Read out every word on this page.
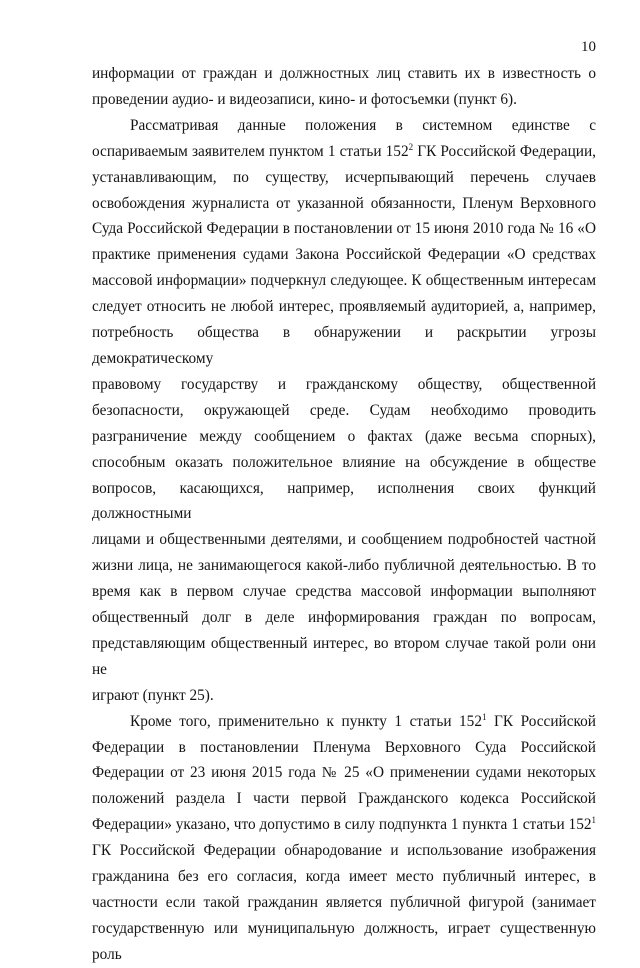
10

информации от граждан и должностных лиц ставить их в известность о

проведении аудио- и видеозаписи, кино- и фотосъемки (пункт 6).

Рассматривая данные положения в системном единстве с

оспариваемым заявителем пунктом 1 статьи $152^2$ ГК Российской Федерации,

устанавливающим, по существу, исчерпывающий перечень случаев

освобождения журналиста от указанной обязанности, Пленум Верховного

Суда Российской Федерации в постановлении от 15 июня 2010 года № 16 «О

практике применения судами Закона Российской Федерации «О средствах

массовой информации» подчеркнул следующее. К общественным интересам

следует относить не любой интерес, проявляемый аудиторией, а, например,

потребность общества в обнаружении и раскрытии угрозы демократическому

правовому государству и гражданскому обществу, общественной

безопасности, окружающей среде. Судам необходимо проводить

разграничение между сообщением о фактах (даже весьма спорных),

способным оказать положительное влияние на обсуждение в обществе

вопросов, касающихся, например, исполнения своих функций должностными

лицами и общественными деятелями, и сообщением подробностей частной

жизни лица, не занимающегося какой-либо публичной деятельностью. В то

время как в первом случае средства массовой информации выполняют

общественный долг в деле информирования граждан по вопросам,

представляющим общественный интерес, во втором случае такой роли они не

играют (пункт 25).

Кроме того, применительно к пункту 1 статьи $152^1$ ГК Российской

Федерации в постановлении Пленума Верховного Суда Российской

Федерации от 23 июня 2015 года № 25 «О применении судами некоторых

положений раздела I части первой Гражданского кодекса Российской

Федерации» указано, что допустимо в силу подпункта 1 пункта 1 статьи $152^1$

ГК Российской Федерации обнародование и использование изображения

гражданина без его согласия, когда имеет место публичный интерес, в

частности если такой гражданин является публичной фигурой (занимает

государственную или муниципальную должность, играет существенную роль
